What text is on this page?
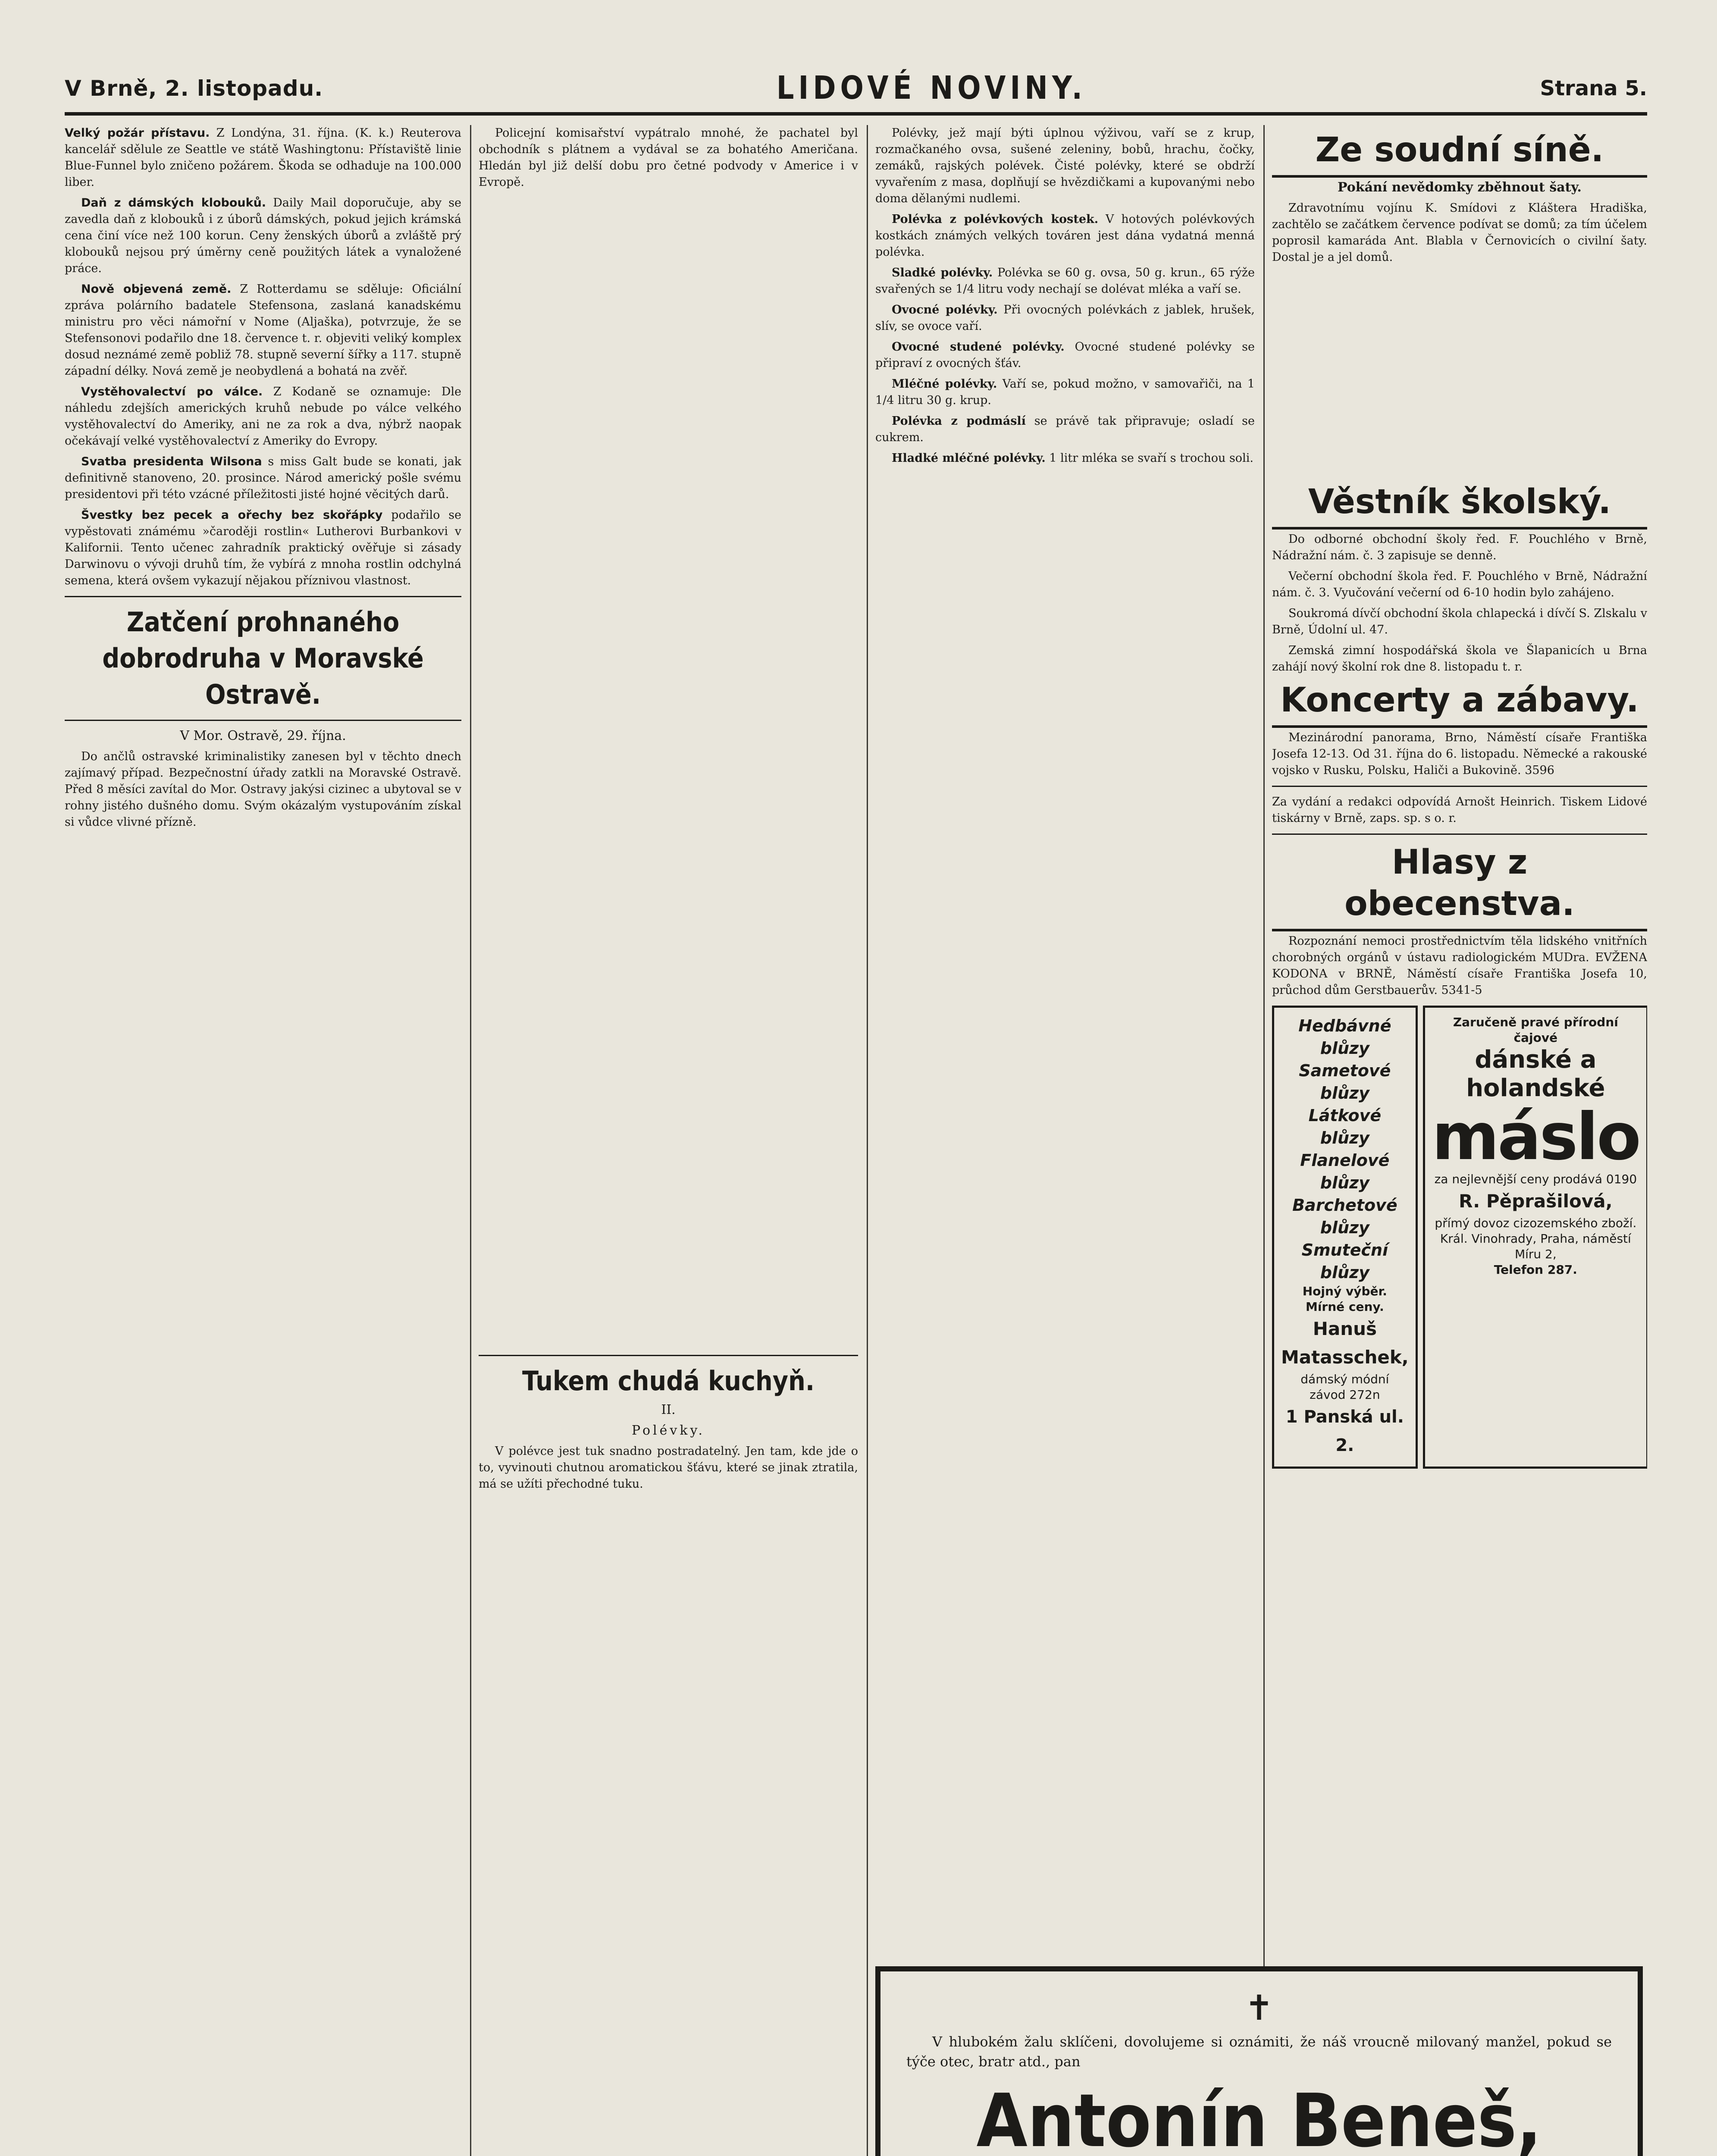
V Brně, 2. listopadu.	LIDOVÉ NOVINY.	Strana 5.

Velký požár přístavu. Z Londýna, 31. října. (K. k.) Reuterova kancelář sdělule ze Seattle ve státě Washingtonu: Přístaviště linie Blue-Funnel bylo zničeno požárem. Škoda se odhaduje na 100.000 liber.

Daň z dámských klobouků. Daily Mail doporučuje, aby se zavedla daň z klobouků i z úborů dámských, pokud jejich krámská cena činí více než 100 korun. Ceny ženských úborů a zvláště prý klobouků nejsou prý úměrny ceně použitých látek a vynaložené práce.

Nově objevená země. Z Rotterdamu se sděluje: Oficiální zpráva polárního badatele Stefensona, zaslaná kanadskému ministru pro věci námořní v Nome (Aljaška), potvrzuje, že se Stefensonovi podařilo dne 18. července t. r. objeviti veliký komplex dosud neznámé země pobliž 78. stupně severní šířky a 117. stupně západní délky. Nová země je neobydlená a bohatá na zvěř.

Vystěhovalectví po válce. Z Kodaně se oznamuje: Dle náhledu zdejších amerických kruhů nebude po válce velkého vystěhovalectví do Ameriky, ani ne za rok a dva, nýbrž naopak očekávají velké vystěhovalectví z Ameriky do Evropy.

Svatba presidenta Wilsona s miss Galt bude se konati, jak definitivně stanoveno, 20. prosince. Národ americký pošle svému presidentovi při této vzácné příležitosti jisté hojné věcitých darů.

Švestky bez pecek a ořechy bez skořápky podařilo se vypěstovati známému »čaroději rostlin« Lutherovi Burbankovi v Kalifornii. Tento učenec zahradník praktický ověřuje si zásady Darwinovu o vývoji druhů tím, že vybírá z mnoha rostlin odchylná semena, která ovšem vykazují nějakou příznivou vlastnost.

Zatčení prohnaného dobrodruha v Moravské Ostravě.

V Mor. Ostravě, 29. října.

Do ančlů ostravské kriminalistiky zanesen byl v těchto dnech zajímavý případ. Bezpečnostní úřady zatkli na Moravské Ostravě. Před 8 měsíci zavítal do Mor. Ostravy jakýsi cizinec a ubytoval se v rohny jistého dušného domu. Svým okázalým vystupováním získal si vůdce vlivné přízně.

Policejní komisařství vypátralo mnohé, že pachatel byl obchodník s plátnem a vydával se za bohatého Američana. Hledán byl již delší dobu pro četné podvody v Americe i v Evropě.

Tukem chudá kuchyň.

II.

Polévky.

V polévce jest tuk snadno postradatelný. Jen tam, kde jde o to, vyvinouti chutnou aromatickou šťávu, které se jinak ztratila, má se užíti přechodné tuku.

Polévky, jež mají býti úplnou výživou, vaří se z krup, rozmačkaného ovsa, sušené zeleniny, bobů, hrachu, čočky, zemáků, rajských polévek. Čisté polévky, které se obdrží vyvařením z masa, doplňují se hvězdičkami a kupovanými nebo doma dělanými nudlemi.

Polévka z polévkových kostek. V hotových polévkových kostkách známých velkých továren jest dána vydatná menná polévka.

Sladké polévky. Polévka se 60 g. ovsa, 50 g. krun., 65 rýže svařených se 1/4 litru vody nechají se dolévat mléka a vaří se.

Ovocné polévky. Při ovocných polévkách z jablek, hrušek, slív, se ovoce vaří.

Ovocné studené polévky. Ovocné studené polévky se připraví z ovocných šťáv.

Mléčné polévky. Vaří se, pokud možno, v samovařiči, na 1 1/4 litru 30 g. krup.

Polévka z podmáslí se právě tak připravuje; osladí se cukrem.

Hladké mléčné polévky. 1 litr mléka se svaří s trochou soli.

Ze soudní síně.

Pokání nevědomky zběhnout šaty.

Zdravotnímu vojínu K. Smídovi z Kláštera Hradiška, zachtělo se začátkem července podívat se domů; za tím účelem poprosil kamaráda Ant. Blabla v Černovicích o civilní šaty. Dostal je a jel domů.

Věstník školský.

Do odborné obchodní školy řed. F. Pouchlého v Brně, Nádražní nám. č. 3 zapisuje se denně.

Večerní obchodní škola řed. F. Pouchlého v Brně, Nádražní nám. č. 3. Vyučování večerní od 6-10 hodin bylo zahájeno.

Soukromá dívčí obchodní škola chlapecká i dívčí S. Zlskalu v Brně, Údolní ul. 47.

Zemská zimní hospodářská škola ve Šlapanicích u Brna zahájí nový školní rok dne 8. listopadu t. r.

Koncerty a zábavy.

Mezinárodní panorama, Brno, Náměstí císaře Františka Josefa 12-13. Od 31. října do 6. listopadu. Německé a rakouské vojsko v Rusku, Polsku, Haliči a Bukovině. 3596

Za vydání a redakci odpovídá Arnošt Heinrich. Tiskem Lidové tiskárny v Brně, zaps. sp. s o. r.

Hlasy z obecenstva.

Rozpoznání nemoci prostřednictvím těla lidského vnitřních chorobných orgánů v ústavu radiologickém MUDra. EVŽENA KODONA v BRNĚ, Náměstí císaře Františka Josefa 10, průchod dům Gerstbauerův. 5341-5

Hedbávné blůzy
Sametové blůzy
Látkové blůzy
Flanelové blůzy
Barchetové blůzy
Smuteční blůzy
Hojný výběr. Mírné ceny.
Hanuš Matasschek,
dámský módní závod 272n
1 Panská ul. 2.
Zaručeně pravé přírodní čajové
dánské a holandské
máslo
za nejlevnější ceny prodává 0190
R. Pěprašilová,
přímý dovoz cizozemského zboží. Král. Vinohrady, Praha, náměstí Míru 2,
Telefon 287.
✝

V hlubokém žalu sklíčeni, dovolujeme si oznámiti, že náš vroucně milovaný manžel, pokud se týče otec, bratr atd., pan

Antonín Beneš,
